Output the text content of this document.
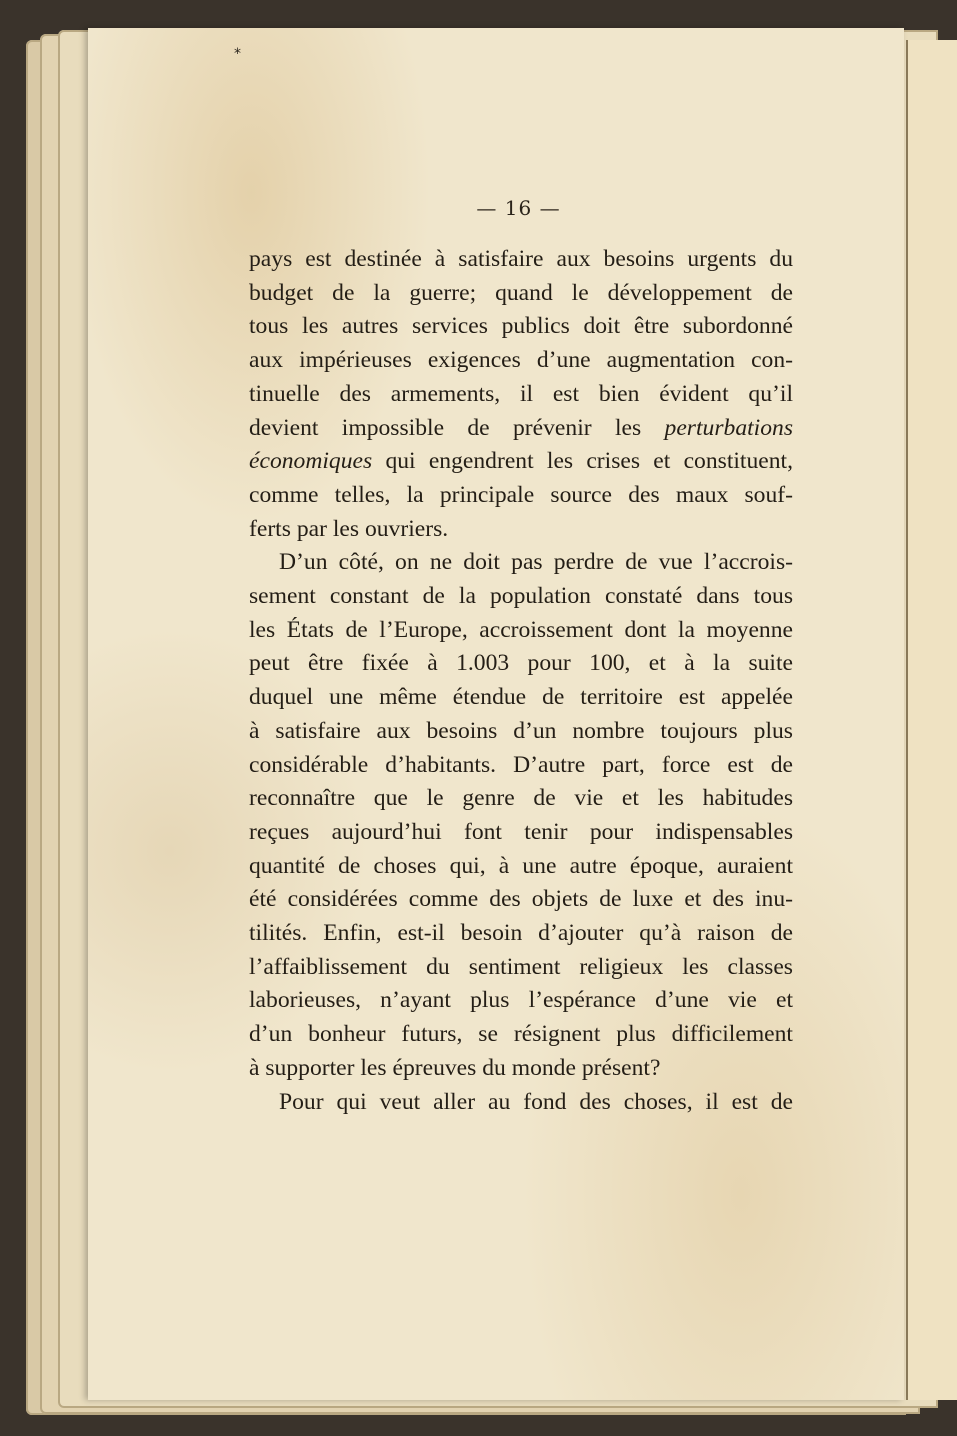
*
— 16 —

pays est destinée à satisfaire aux besoins urgents du
budget de la guerre; quand le développement de
tous les autres services publics doit être subordonné
aux impérieuses exigences d’une augmentation con-
tinuelle des armements, il est bien évident qu’il
devient impossible de prévenir les perturbations
économiques qui engendrent les crises et constituent,
comme telles, la principale source des maux souf-
ferts par les ouvriers.

D’un côté, on ne doit pas perdre de vue l’accrois-
sement constant de la population constaté dans tous
les États de l’Europe, accroissement dont la moyenne
peut être fixée à 1.003 pour 100, et à la suite
duquel une même étendue de territoire est appelée
à satisfaire aux besoins d’un nombre toujours plus
considérable d’habitants. D’autre part, force est de
reconnaître que le genre de vie et les habitudes
reçues aujourd’hui font tenir pour indispensables
quantité de choses qui, à une autre époque, auraient
été considérées comme des objets de luxe et des inu-
tilités. Enfin, est-il besoin d’ajouter qu’à raison de
l’affaiblissement du sentiment religieux les classes
laborieuses, n’ayant plus l’espérance d’une vie et
d’un bonheur futurs, se résignent plus difficilement
à supporter les épreuves du monde présent?

Pour qui veut aller au fond des choses, il est de
